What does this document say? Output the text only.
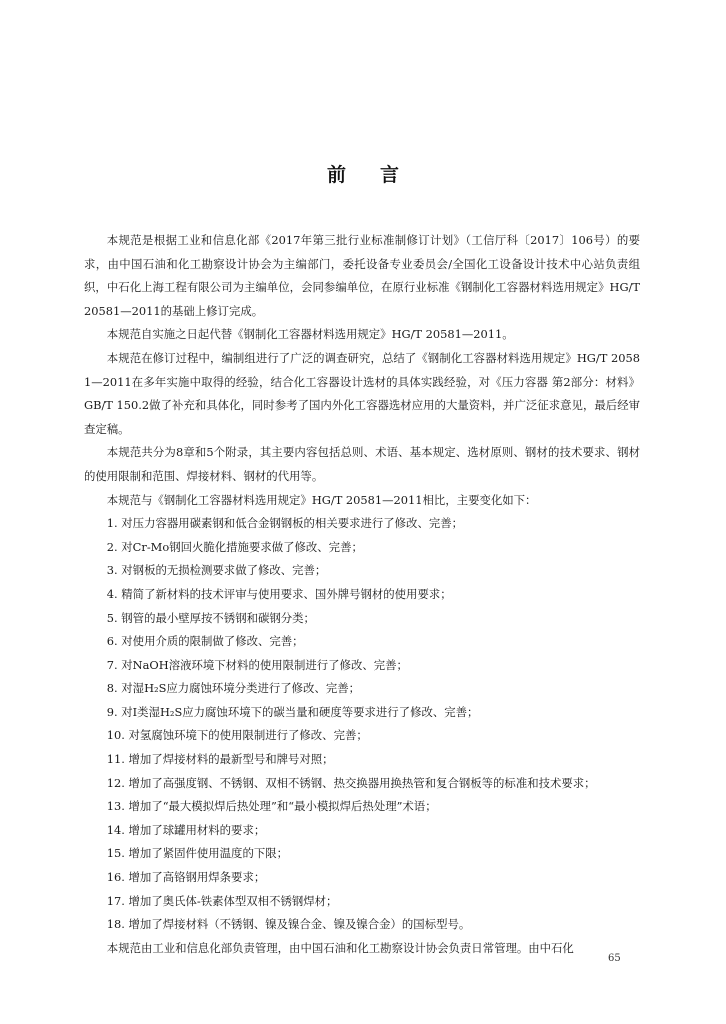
前言

本规范是根据工业和信息化部《2017年第三批行业标准制修订计划》（工信厅科〔2017〕106号）的要求，由中国石油和化工勘察设计协会为主编部门，委托设备专业委员会/全国化工设备设计技术中心站负责组织，中石化上海工程有限公司为主编单位，会同参编单位，在原行业标准《钢制化工容器材料选用规定》HG/T 20581—2011的基础上修订完成。

本规范自实施之日起代替《钢制化工容器材料选用规定》HG/T 20581—2011。

本规范在修订过程中，编制组进行了广泛的调查研究，总结了《钢制化工容器材料选用规定》HG/T 20581—2011在多年实施中取得的经验，结合化工容器设计选材的具体实践经验，对《压力容器 第2部分：材料》GB/T 150.2做了补充和具体化，同时参考了国内外化工容器选材应用的大量资料，并广泛征求意见，最后经审查定稿。

本规范共分为8章和5个附录，其主要内容包括总则、术语、基本规定、选材原则、钢材的技术要求、钢材的使用限制和范围、焊接材料、钢材的代用等。

本规范与《钢制化工容器材料选用规定》HG/T 20581—2011相比，主要变化如下：

1. 对压力容器用碳素钢和低合金钢钢板的相关要求进行了修改、完善；

2. 对Cr-Mo钢回火脆化措施要求做了修改、完善；

3. 对钢板的无损检测要求做了修改、完善；

4. 精简了新材料的技术评审与使用要求、国外牌号钢材的使用要求；

5. 钢管的最小壁厚按不锈钢和碳钢分类；

6. 对使用介质的限制做了修改、完善；

7. 对NaOH溶液环境下材料的使用限制进行了修改、完善；

8. 对湿H₂S应力腐蚀环境分类进行了修改、完善；

9. 对Ⅰ类湿H₂S应力腐蚀环境下的碳当量和硬度等要求进行了修改、完善；

10. 对氢腐蚀环境下的使用限制进行了修改、完善；

11. 增加了焊接材料的最新型号和牌号对照；

12. 增加了高强度钢、不锈钢、双相不锈钢、热交换器用换热管和复合钢板等的标准和技术要求；

13. 增加了“最大模拟焊后热处理”和“最小模拟焊后热处理”术语；

14. 增加了球罐用材料的要求；

15. 增加了紧固件使用温度的下限；

16. 增加了高铬钢用焊条要求；

17. 增加了奥氏体-铁素体型双相不锈钢焊材；

18. 增加了焊接材料（不锈钢、镍及镍合金、镍及镍合金）的国标型号。

本规范由工业和信息化部负责管理，由中国石油和化工勘察设计协会负责日常管理。由中石化

65
